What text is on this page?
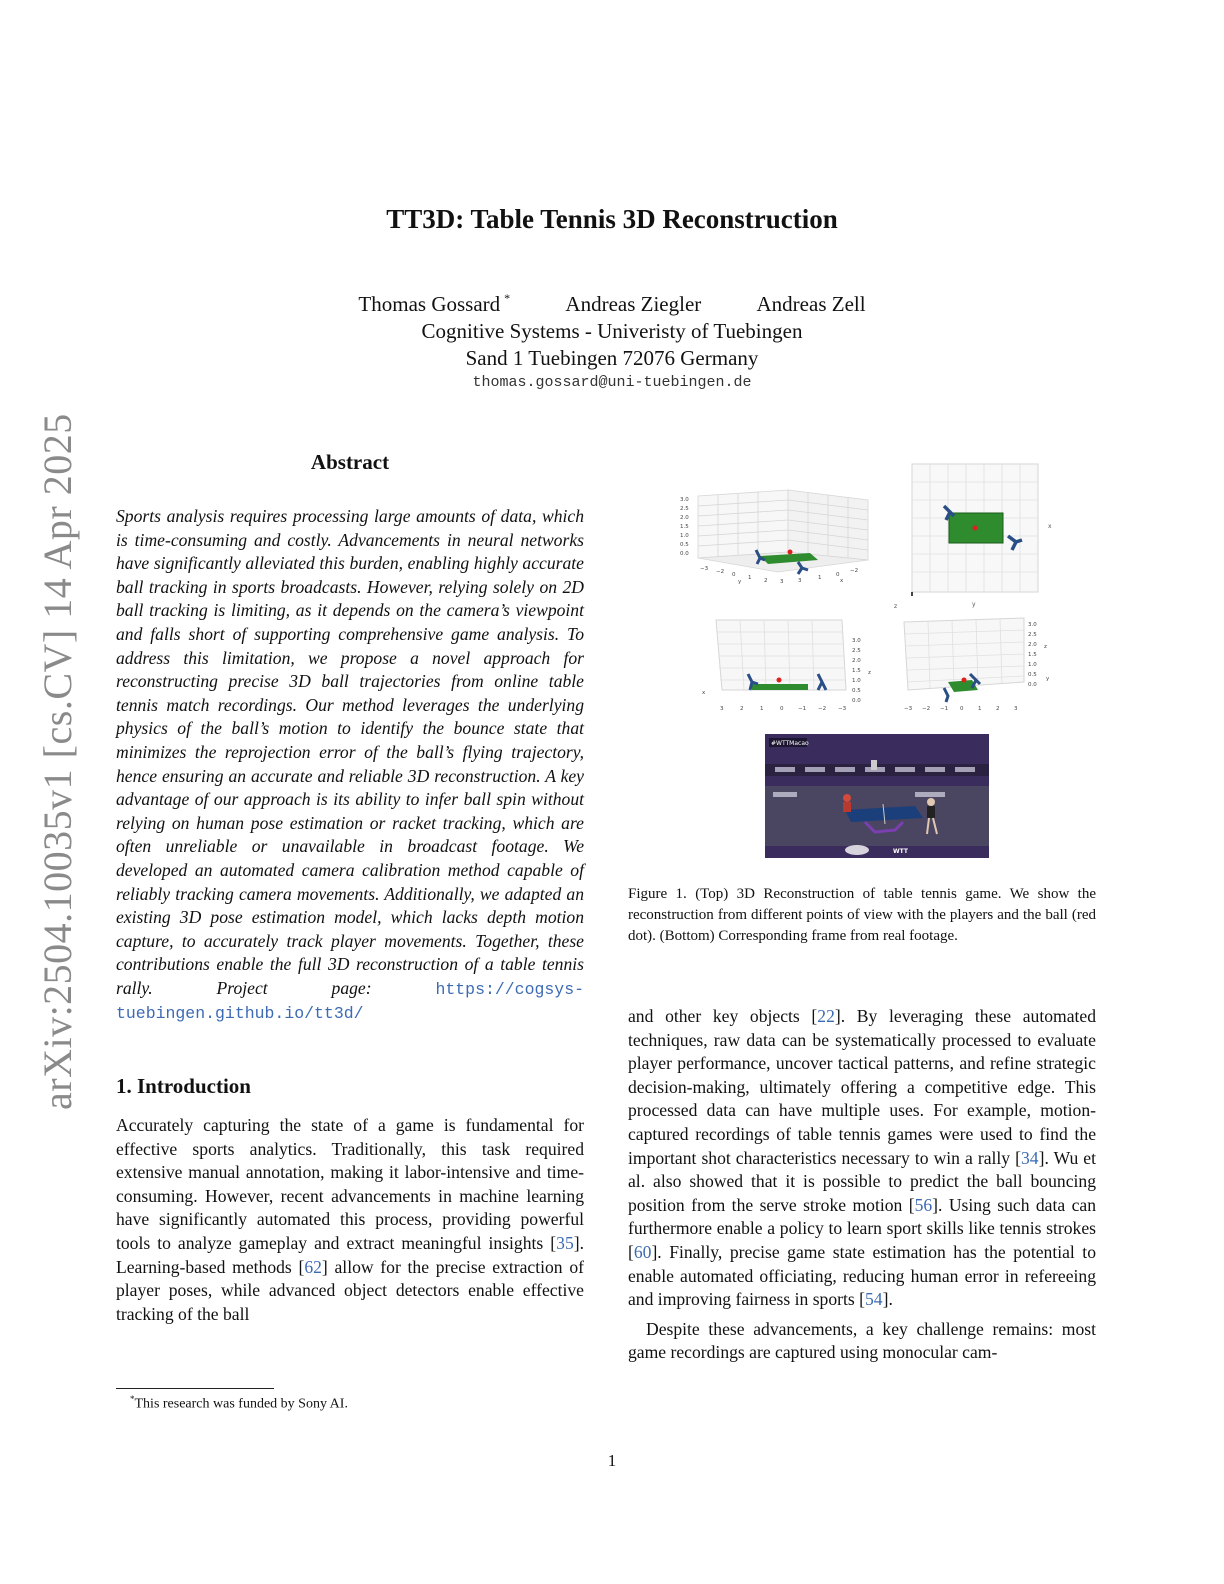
arXiv:2504.10035v1 [cs.CV] 14 Apr 2025
TT3D: Table Tennis 3D Reconstruction
Thomas Gossard *	Andreas Ziegler	Andreas Zell
Cognitive Systems - Univeristy of Tuebingen
Sand 1 Tuebingen 72076 Germany
thomas.gossard@uni-tuebingen.de
Abstract

Sports analysis requires processing large amounts of data, which is time-consuming and costly. Advancements in neural networks have significantly alleviated this burden, enabling highly accurate ball tracking in sports broadcasts. However, relying solely on 2D ball tracking is limiting, as it depends on the camera’s viewpoint and falls short of supporting comprehensive game analysis. To address this limitation, we propose a novel approach for reconstructing precise 3D ball trajectories from online table tennis match recordings. Our method leverages the underlying physics of the ball’s motion to identify the bounce state that minimizes the reprojection error of the ball’s flying trajectory, hence ensuring an accurate and reliable 3D reconstruction. A key advantage of our approach is its ability to infer ball spin without relying on human pose estimation or racket tracking, which are often unreliable or unavailable in broadcast footage. We developed an automated camera calibration method capable of reliably tracking camera movements. Additionally, we adapted an existing 3D pose estimation model, which lacks depth motion capture, to accurately track player movements. Together, these contributions enable the full 3D reconstruction of a table tennis rally. Project page: https://cogsys-tuebingen.github.io/tt3d/

1. Introduction

Accurately capturing the state of a game is fundamental for effective sports analytics. Traditionally, this task required extensive manual annotation, making it labor-intensive and time-consuming. However, recent advancements in machine learning have significantly automated this process, providing powerful tools to analyze gameplay and extract meaningful insights [35]. Learning-based methods [62] allow for the precise extraction of player poses, while advanced object detectors enable effective tracking of the ball

3.0
2.5
2.0
1.5
1.0
0.5
0.0
−3 −2 0 1 2 3
y	3	1	0
−2
x
x
y
z
3.0
2.5
2.0
1.5
1.0
0.5
0.0
z
x
3	2	1	0	−1 −2 −3
3.0
2.5
2.0
1.5
1.0
0.5
0.0
z
y
−3 −2 −1 0	1	2	3
#WTTMacao
WTT

Figure 1. (Top) 3D Reconstruction of table tennis game. We show the reconstruction from different points of view with the players and the ball (red dot). (Bottom) Corresponding frame from real footage.

and other key objects [22]. By leveraging these automated techniques, raw data can be systematically processed to evaluate player performance, uncover tactical patterns, and refine strategic decision-making, ultimately offering a competitive edge. This processed data can have multiple uses. For example, motion-captured recordings of table tennis games were used to find the important shot characteristics necessary to win a rally [34]. Wu et al. also showed that it is possible to predict the ball bouncing position from the serve stroke motion [56]. Using such data can furthermore enable a policy to learn sport skills like tennis strokes [60]. Finally, precise game state estimation has the potential to enable automated officiating, reducing human error in refereeing and improving fairness in sports [54].

Despite these advancements, a key challenge remains: most game recordings are captured using monocular cam-

*This research was funded by Sony AI.
1
